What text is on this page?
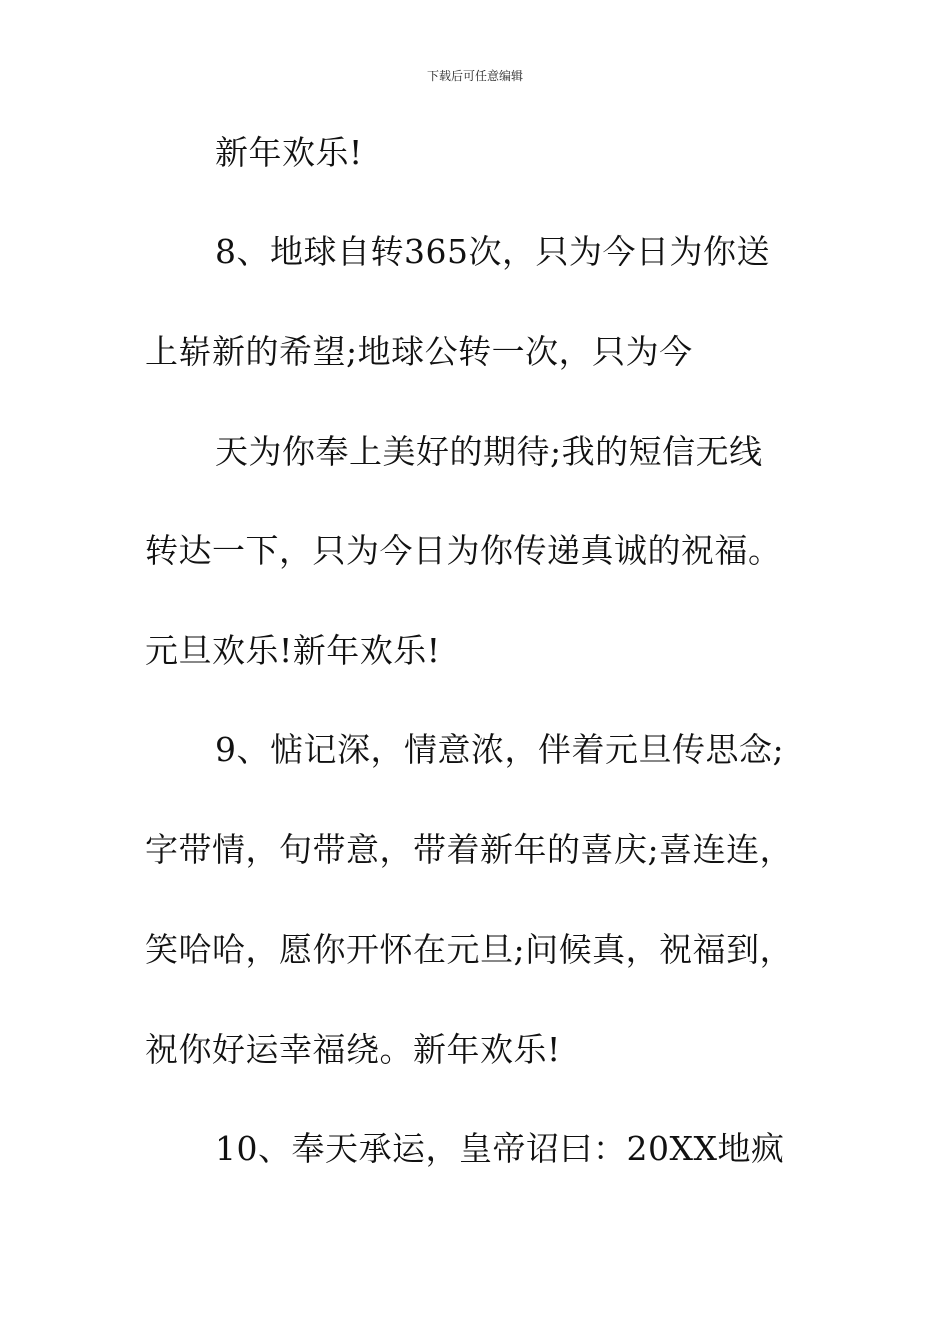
下载后可任意编辑
新年欢乐!
8、地球自转365次，只为今日为你送
上崭新的希望;地球公转一次，只为今
天为你奉上美好的期待;我的短信无线
转达一下，只为今日为你传递真诚的祝福。
元旦欢乐!新年欢乐!
9、惦记深，情意浓，伴着元旦传思念;
字带情，句带意，带着新年的喜庆;喜连连，
笑哈哈，愿你开怀在元旦;问候真，祝福到，
祝你好运幸福绕。新年欢乐!
10、奉天承运，皇帝诏曰：20XX地疯
